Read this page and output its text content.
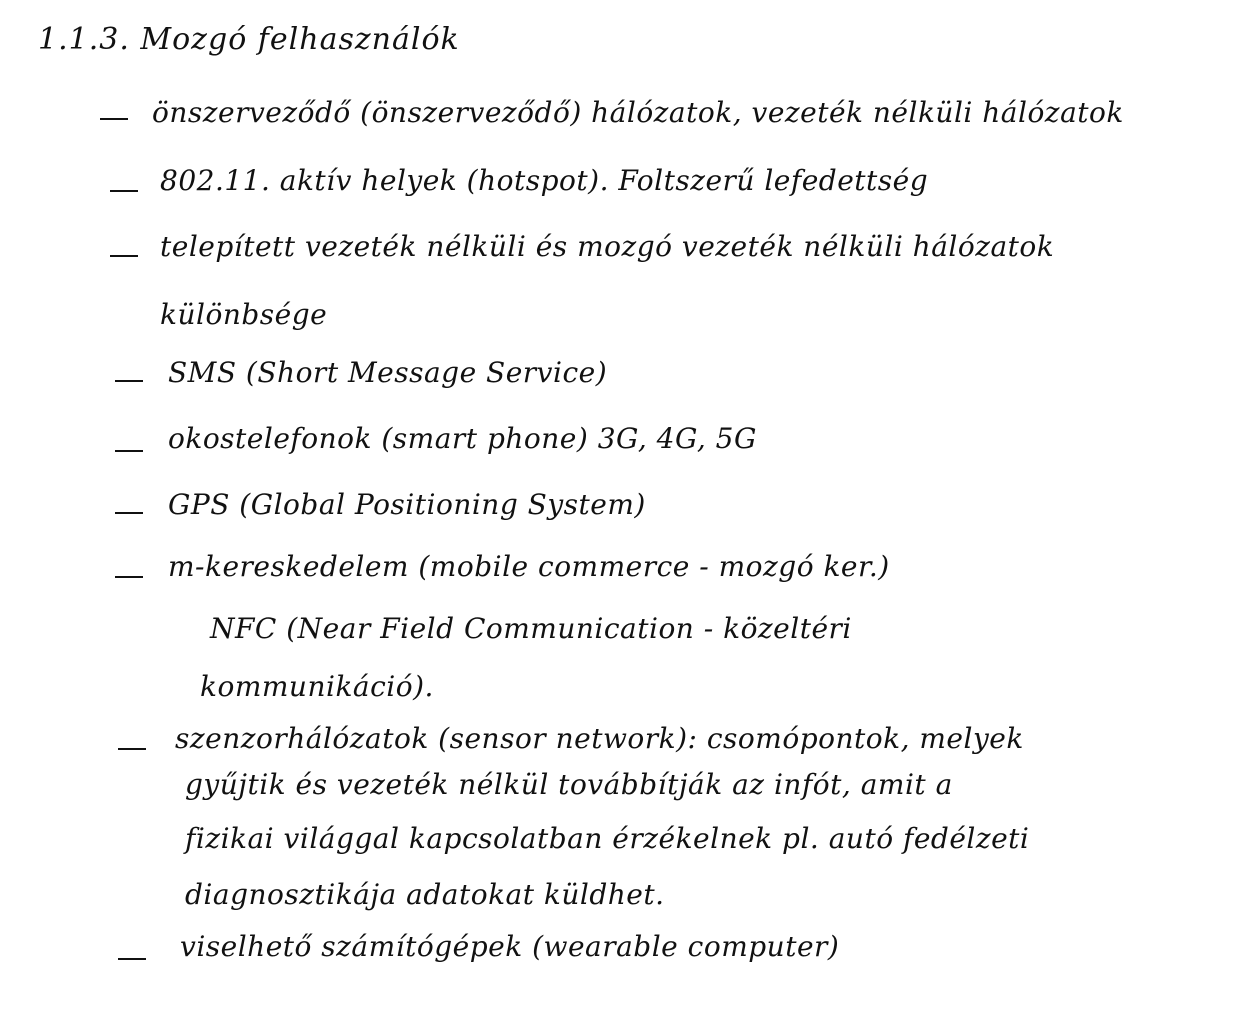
1.1.3. Mozgó felhasználók
önszerveződő (önszerveződő) hálózatok, vezeték nélküli hálózatok
802.11. aktív helyek (hotspot). Foltszerű lefedettség
telepített vezeték nélküli és mozgó vezeték nélküli hálózatok
különbsége
SMS (Short Message Service)
okostelefonok (smart phone) 3G, 4G, 5G
GPS (Global Positioning System)
m-kereskedelem (mobile commerce - mozgó ker.)
NFC (Near Field Communication - közeltéri
kommunikáció).
szenzorhálózatok (sensor network): csomópontok, melyek
gyűjtik és vezeték nélkül továbbítják az infót, amit a
fizikai világgal kapcsolatban érzékelnek pl. autó fedélzeti
diagnosztikája adatokat küldhet.
viselhető számítógépek (wearable computer)
